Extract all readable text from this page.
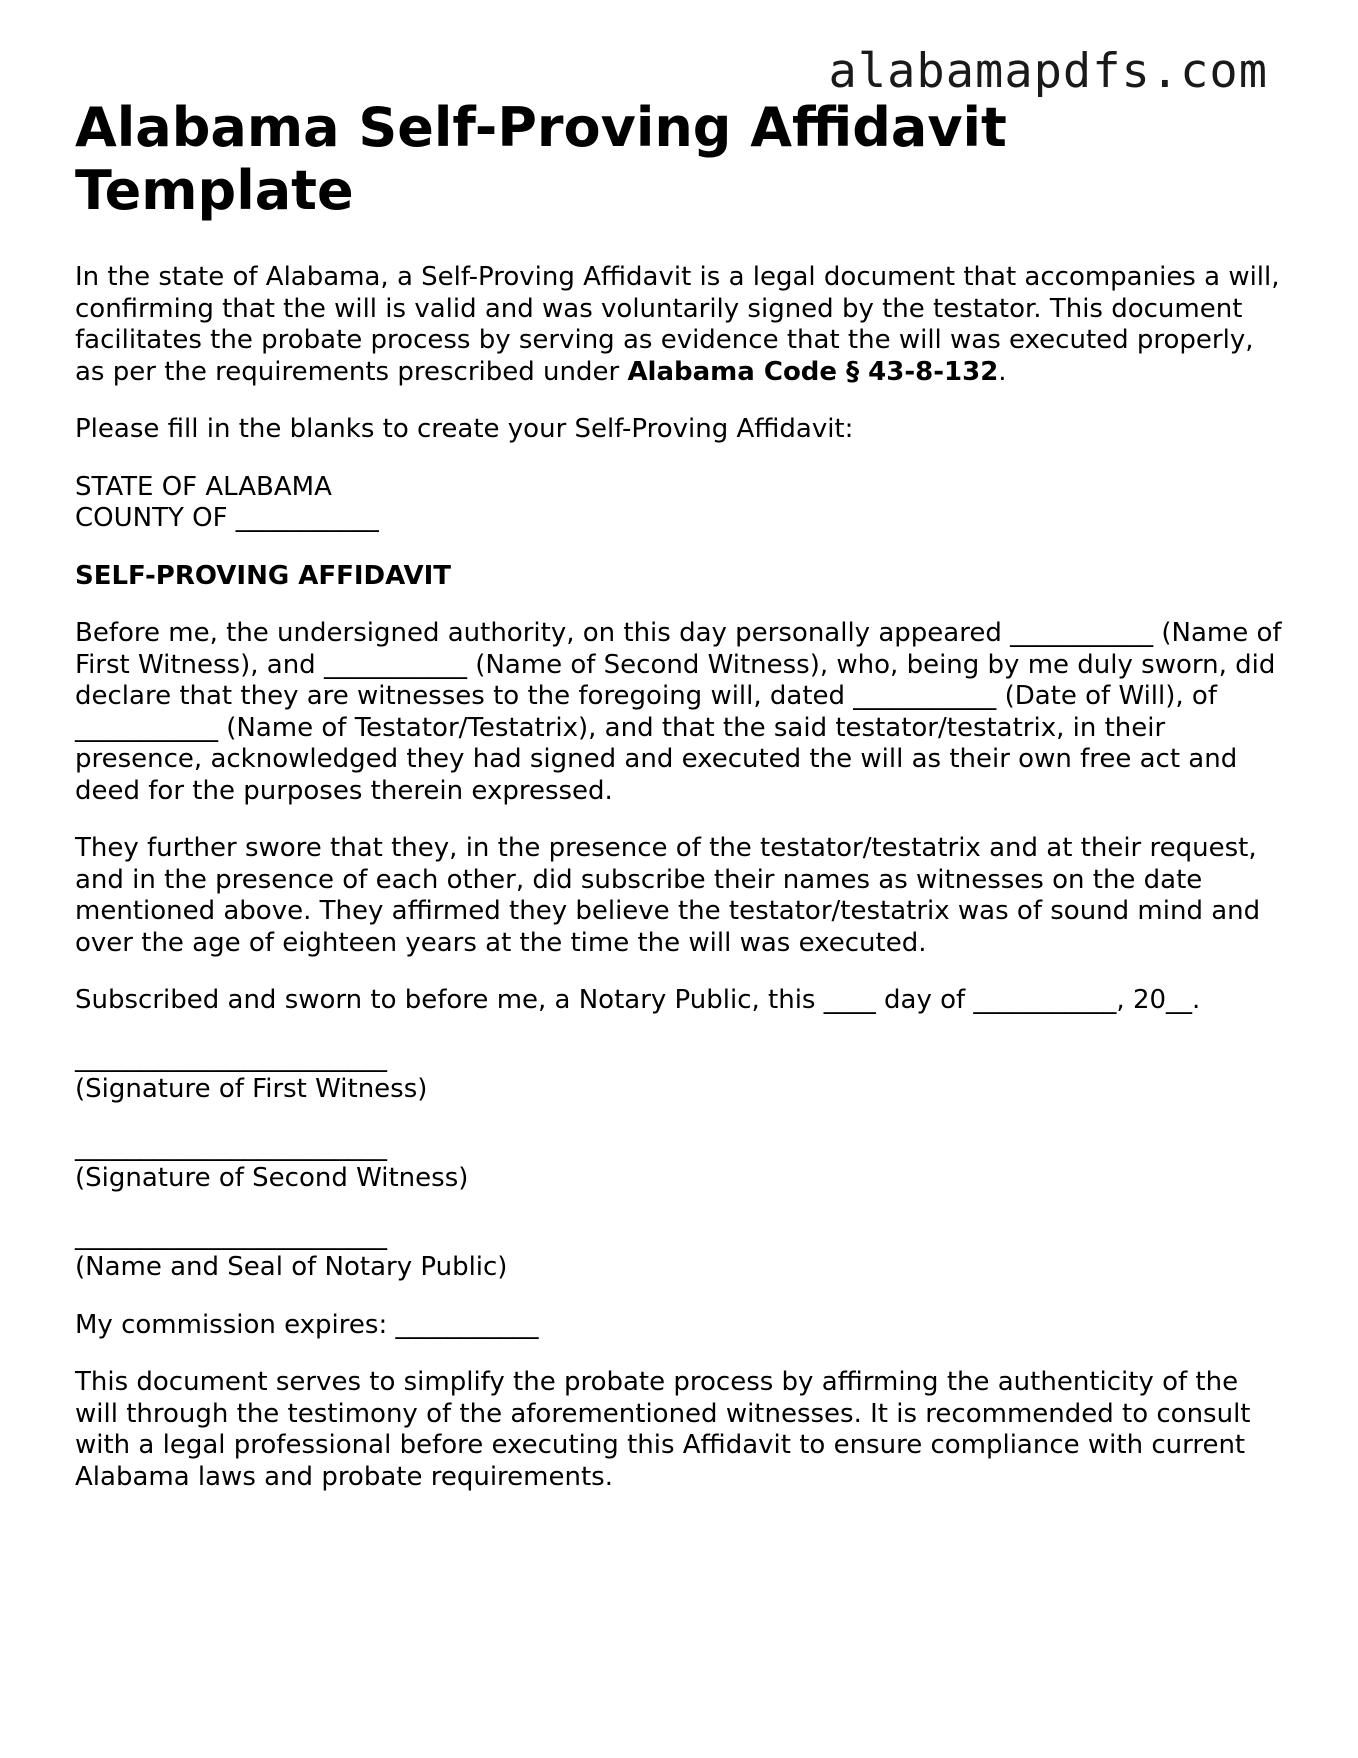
alabamapdfs.com
Alabama Self-Proving Affidavit Template

In the state of Alabama, a Self-Proving Affidavit is a legal document that accompanies a will, confirming that the will is valid and was voluntarily signed by the testator. This document facilitates the probate process by serving as evidence that the will was executed properly, as per the requirements prescribed under Alabama Code § 43-8-132.

Please fill in the blanks to create your Self-Proving Affidavit:

STATE OF ALABAMA

COUNTY OF ___________

SELF-PROVING AFFIDAVIT

Before me, the undersigned authority, on this day personally appeared ___________ (Name of First Witness), and ___________ (Name of Second Witness), who, being by me duly sworn, did declare that they are witnesses to the foregoing will, dated ___________ (Date of Will), of ___________ (Name of Testator/Testatrix), and that the said testator/testatrix, in their presence, acknowledged they had signed and executed the will as their own free act and deed for the purposes therein expressed.

They further swore that they, in the presence of the testator/testatrix and at their request, and in the presence of each other, did subscribe their names as witnesses on the date mentioned above. They affirmed they believe the testator/testatrix was of sound mind and over the age of eighteen years at the time the will was executed.

Subscribed and sworn to before me, a Notary Public, this ____ day of ___________, 20__.

________________________
(Signature of First Witness)
________________________
(Signature of Second Witness)
________________________
(Name and Seal of Notary Public)

My commission expires: ___________

This document serves to simplify the probate process by affirming the authenticity of the will through the testimony of the aforementioned witnesses. It is recommended to consult with a legal professional before executing this Affidavit to ensure compliance with current Alabama laws and probate requirements.
